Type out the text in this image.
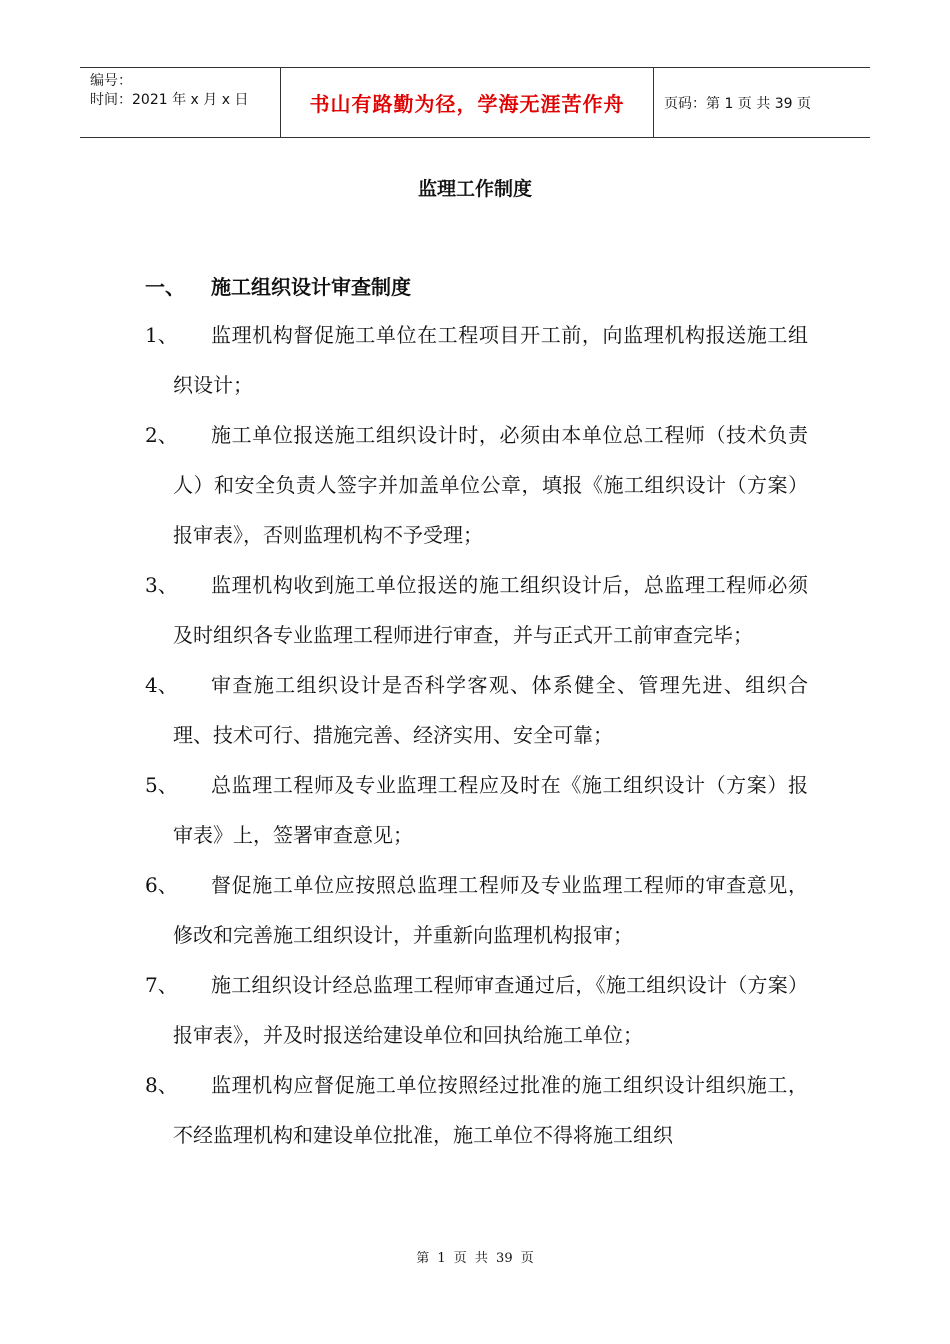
编号：
时间：2021 年 x 月 x 日	书山有路勤为径，学海无涯苦作舟	页码：第 1 页 共 39 页
监理工作制度
一、 施工组织设计审查制度
1、	监理机构督促施工单位在工程项目开工前，向监理机构报送施工组织设计；
2、	施工单位报送施工组织设计时，必须由本单位总工程师（技术负责人）和安全负责人签字并加盖单位公章，填报《施工组织设计（方案）报审表》，否则监理机构不予受理；
3、	监理机构收到施工单位报送的施工组织设计后，总监理工程师必须及时组织各专业监理工程师进行审查，并与正式开工前审查完毕；
4、	审查施工组织设计是否科学客观、体系健全、管理先进、组织合理、技术可行、措施完善、经济实用、安全可靠；
5、	总监理工程师及专业监理工程应及时在《施工组织设计（方案）报审表》上，签署审查意见；
6、	督促施工单位应按照总监理工程师及专业监理工程师的审查意见，修改和完善施工组织设计，并重新向监理机构报审；
7、	施工组织设计经总监理工程师审查通过后，《施工组织设计（方案）报审表》，并及时报送给建设单位和回执给施工单位；
8、	监理机构应督促施工单位按照经过批准的施工组织设计组织施工，不经监理机构和建设单位批准，施工单位不得将施工组织
第 1 页 共 39 页
